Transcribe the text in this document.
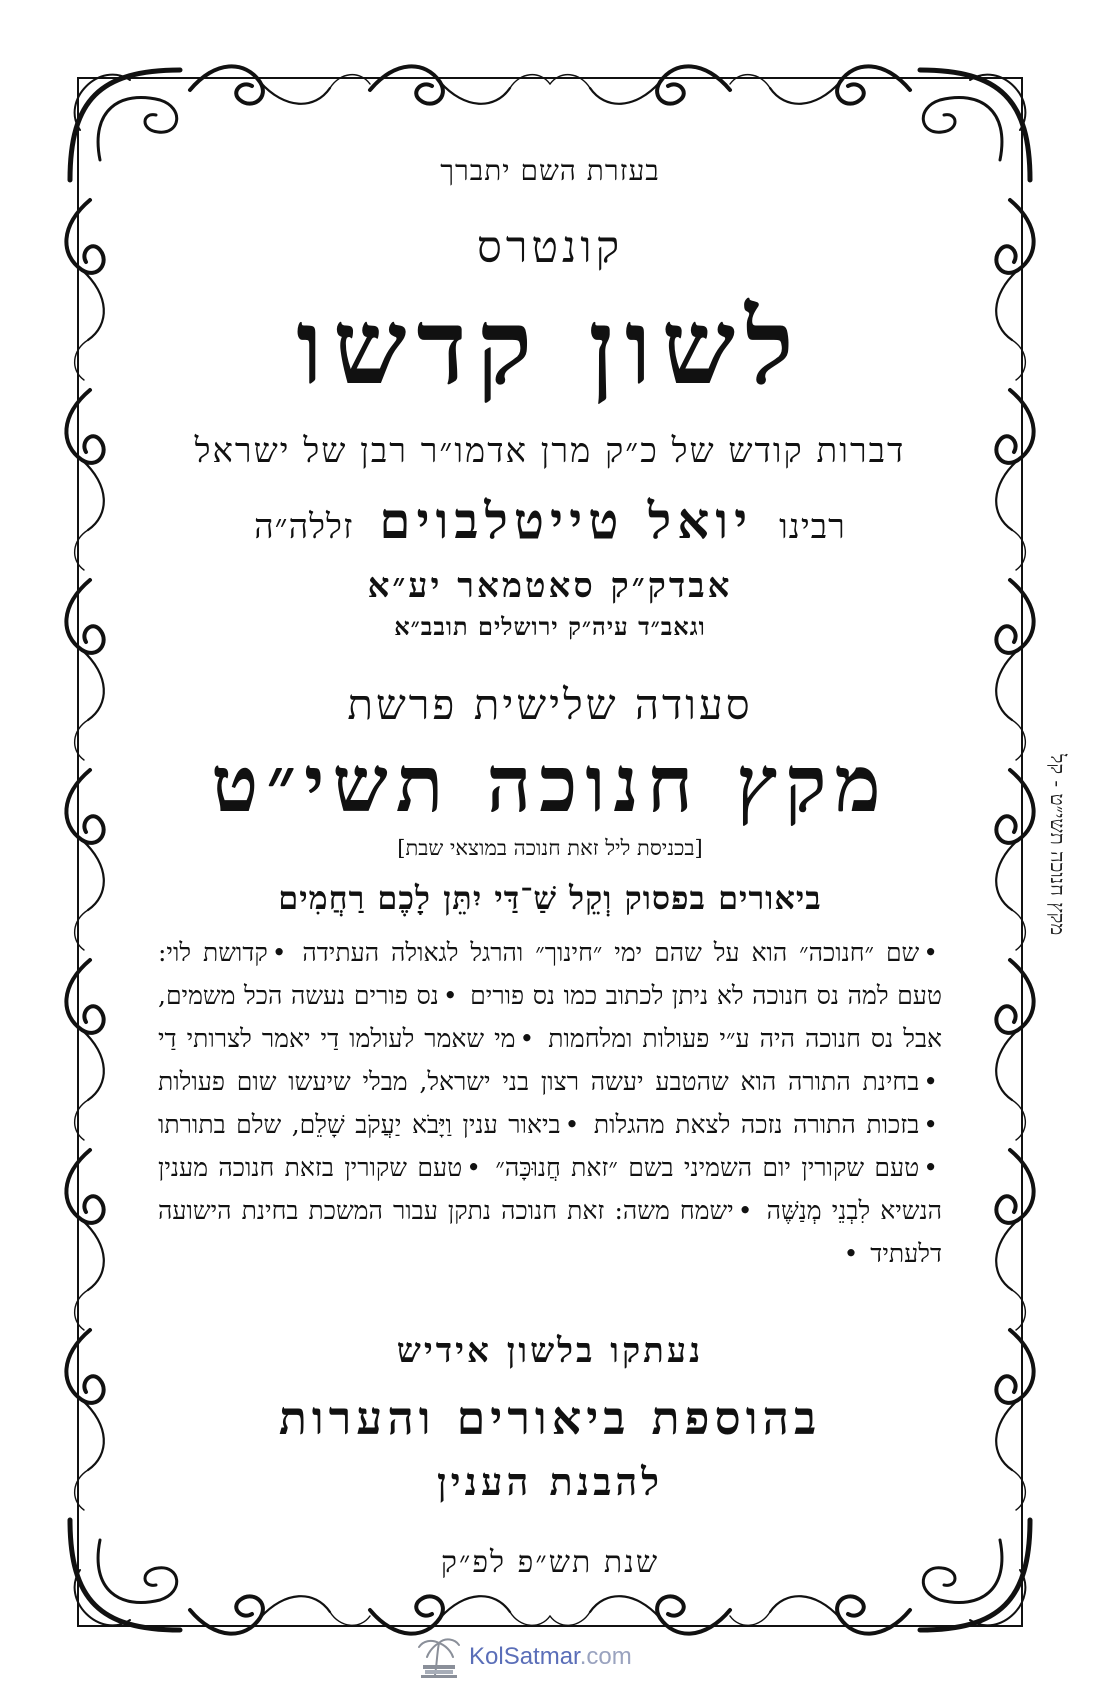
בעזרת השם יתברך

קונטרס

לשון קדשו

דברות קודש של כ״ק מרן אדמו״ר רבן של ישראל

רבינו יואל טייטלבוים זללה״ה

אבדק״ק סאטמאר יע״א

וגאב״ד עיה״ק ירושלים תובב״א

סעודה שלישית פרשת

מקץ חנוכה תשי״ט

[בכניסת ליל זאת חנוכה במוצאי שבת]

ביאורים בפסוק וְקֵל שַׁ־דַּי יִתֵּן לָכֶם רַחֲמִים

•שם ״חנוכה״ הוא על שהם ימי ״חינוך״ והרגל לגאולה העתידה •קדושת לוי: טעם למה נס חנוכה לא ניתן לכתוב כמו נס פורים •נס פורים נעשה הכל משמים, אבל נס חנוכה היה ע״י פעולות ומלחמות •מי שאמר לעולמו דַי יאמר לצרותי דַי •בחינת התורה הוא שהטבע יעשה רצון בני ישראל, מבלי שיעשו שום פעולות •בזכות התורה נזכה לצאת מהגלות •ביאור ענין וַיָּבֹא יַעֲקֹב שָׁלֵם, שלם בתורתו •טעם שקורין יום השמיני בשם ״זאת חֲנוּכָּה״ •טעם שקורין בזאת חנוכה מענין הנשיא לִבְנֵי מְנַשֶּׁה •ישמח משה: זאת חנוכה נתקן עבור המשכת בחינת הישועה דלעתיד •

נעתקו בלשון אידיש

בהוספת ביאורים והערות

להבנת הענין

שנת תש״פ לפ״ק

מקץ חנוכה תשי״ט - קל
KolSatmar.com
